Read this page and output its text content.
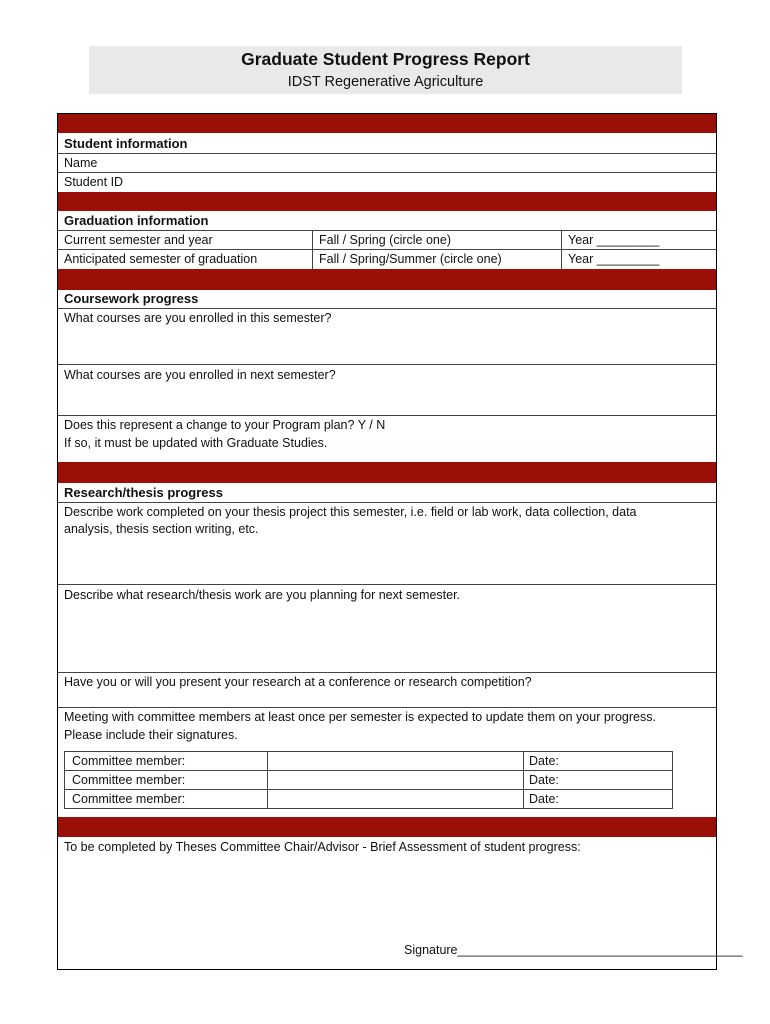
Graduate Student Progress Report
IDST Regenerative Agriculture
Student information
Name
Student ID
Graduation information
Current semester and year	Fall / Spring (circle one)	Year _________
Anticipated semester of graduation	Fall / Spring/Summer (circle one)	Year _________
Coursework progress
What courses are you enrolled in this semester?
What courses are you enrolled in next semester?
Does this represent a change to your Program plan? Y / N
If so, it must be updated with Graduate Studies.
Research/thesis progress
Describe work completed on your thesis project this semester, i.e. field or lab work, data collection, data
analysis, thesis section writing, etc.
Describe what research/thesis work are you planning for next semester.
Have you or will you present your research at a conference or research competition?
Meeting with committee members at least once per semester is expected to update them on your progress.
Please include their signatures.
Committee member:	Date:
Committee member:	Date:
Committee member:	Date:
To be completed by Theses Committee Chair/Advisor - Brief Assessment of student progress:
Signature_________________________________________
